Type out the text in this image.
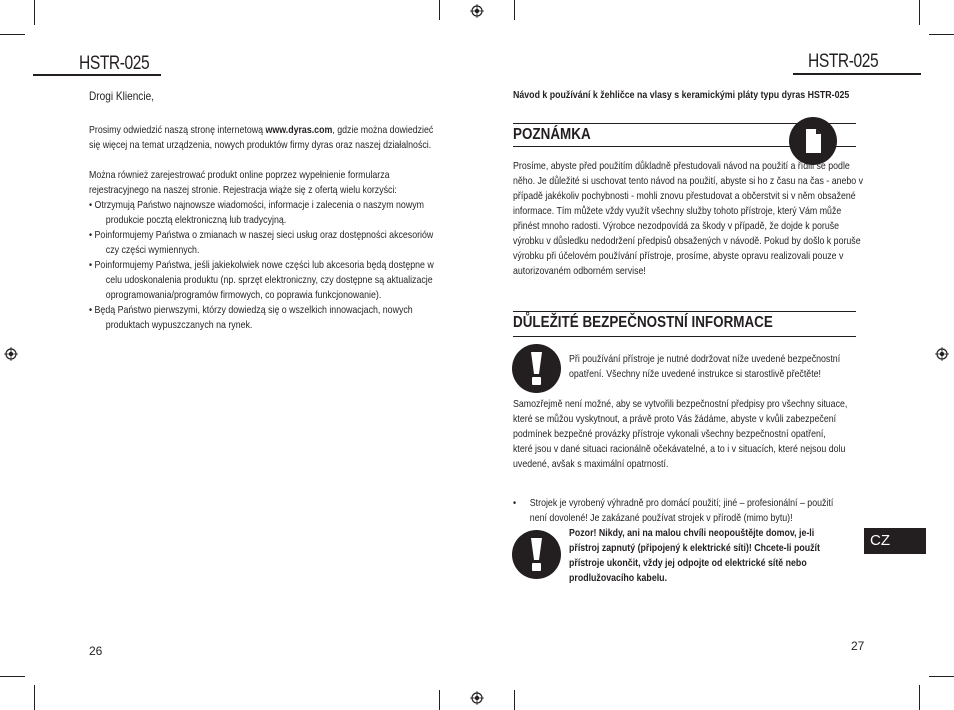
HSTR-025
Drogi Kliencie,

Prosimy odwiedzić naszą stronę internetową www.dyras.com, gdzie można dowiedzieć

się więcej na temat urządzenia, nowych produktów firmy dyras oraz naszej działalności.

Można również zarejestrować produkt online poprzez wypełnienie formularza

rejestracyjnego na naszej stronie. Rejestracja wiąże się z ofertą wielu korzyści:

• Otrzymują Państwo najnowsze wiadomości, informacje i zalecenia o naszym nowym
produkcie pocztą elektroniczną lub tradycyjną.

• Poinformujemy Państwa o zmianach w naszej sieci usług oraz dostępności akcesoriów
czy części wymiennych.

• Poinformujemy Państwa, jeśli jakiekolwiek nowe części lub akcesoria będą dostępne w
celu udoskonalenia produktu (np. sprzęt elektroniczny, czy dostępne są aktualizacje
oprogramowania/programów firmowych, co poprawia funkcjonowanie).

• Będą Państwo pierwszymi, którzy dowiedzą się o wszelkich innowacjach, nowych
produktach wypuszczanych na rynek.

26
HSTR-025
Návod k používání k žehličce na vlasy s keramickými pláty typu dyras HSTR-025
POZNÁMKA

Prosíme, abyste před použitím důkladně přestudovali návod na použití a řídili se podle

něho. Je důležité si uschovat tento návod na použití, abyste si ho z času na čas - anebo v

případě jakékoliv pochybnosti - mohli znovu přestudovat a občerstvit si v něm obsažené

informace. Tím můžete vždy využít všechny služby tohoto přístroje, který Vám může

přinést mnoho radosti. Výrobce nezodpovídá za škody v případě, že dojde k poruše

výrobku v důsledku nedodržení předpisů obsažených v návodě. Pokud by došlo k poruše

výrobku při účelovém používání přístroje, prosíme, abyste opravu realizovali pouze v

autorizovaném odborném servise!

DŮLEŽITÉ BEZPEČNOSTNÍ INFORMACE

Při používání přístroje je nutné dodržovat níže uvedené bezpečnostní

opatření. Všechny níže uvedené instrukce si starostlivě přečtěte!

Samozřejmě není možné, aby se vytvořili bezpečnostní předpisy pro všechny situace,

které se můžou vyskytnout, a právě proto Vás žádáme, abyste v kvůli zabezpečení

podmínek bezpečné provázky přístroje vykonali všechny bezpečnostní opatření,

které jsou v dané situaci racionálně očekávatelné, a to i v situacích, které nejsou dolu

uvedené, avšak s maximální opatrností.

• Strojek je vyrobený výhradně pro domácí použití; jiné – profesionální – použití

není dovolené! Je zakázané používat strojek v přírodě (mimo bytu)!

Pozor! Nikdy, ani na malou chvíli neopouštějte domov, je-li

přístroj zapnutý (připojený k elektrické síti)! Chcete-li použít

přístroje ukončit, vždy jej odpojte od elektrické sítě nebo

prodlužovacího kabelu.

CZ
27
